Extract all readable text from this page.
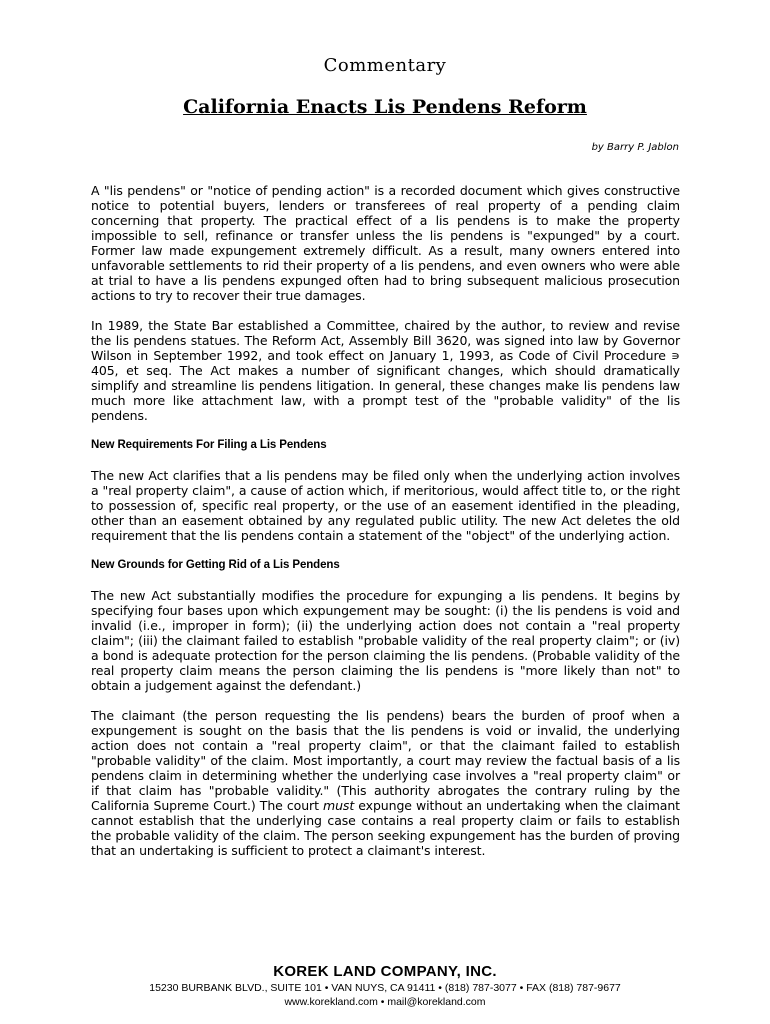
Commentary
California Enacts Lis Pendens Reform
by Barry P. Jablon

A "lis pendens" or "notice of pending action" is a recorded document which gives constructive notice to potential buyers, lenders or transferees of real property of a pending claim concerning that property. The practical effect of a lis pendens is to make the property impossible to sell, refinance or transfer unless the lis pendens is "expunged" by a court. Former law made expungement extremely difficult. As a result, many owners entered into unfavorable settlements to rid their property of a lis pendens, and even owners who were able at trial to have a lis pendens expunged often had to bring subsequent malicious prosecution actions to try to recover their true damages.

In 1989, the State Bar established a Committee, chaired by the author, to review and revise the lis pendens statues. The Reform Act, Assembly Bill 3620, was signed into law by Governor Wilson in September 1992, and took effect on January 1, 1993, as Code of Civil Procedure ∍ 405, et seq. The Act makes a number of significant changes, which should dramatically simplify and streamline lis pendens litigation. In general, these changes make lis pendens law much more like attachment law, with a prompt test of the "probable validity" of the lis pendens.

New Requirements For Filing a Lis Pendens

The new Act clarifies that a lis pendens may be filed only when the underlying action involves a "real property claim", a cause of action which, if meritorious, would affect title to, or the right to possession of, specific real property, or the use of an easement identified in the pleading, other than an easement obtained by any regulated public utility. The new Act deletes the old requirement that the lis pendens contain a statement of the "object" of the underlying action.

New Grounds for Getting Rid of a Lis Pendens

The new Act substantially modifies the procedure for expunging a lis pendens. It begins by specifying four bases upon which expungement may be sought: (i) the lis pendens is void and invalid (i.e., improper in form); (ii) the underlying action does not contain a "real property claim"; (iii) the claimant failed to establish "probable validity of the real property claim"; or (iv) a bond is adequate protection for the person claiming the lis pendens. (Probable validity of the real property claim means the person claiming the lis pendens is "more likely than not" to obtain a judgement against the defendant.)

The claimant (the person requesting the lis pendens) bears the burden of proof when a expungement is sought on the basis that the lis pendens is void or invalid, the underlying action does not contain a "real property claim", or that the claimant failed to establish "probable validity" of the claim. Most importantly, a court may review the factual basis of a lis pendens claim in determining whether the underlying case involves a "real property claim" or if that claim has "probable validity." (This authority abrogates the contrary ruling by the California Supreme Court.) The court must expunge without an undertaking when the claimant cannot establish that the underlying case contains a real property claim or fails to establish the probable validity of the claim. The person seeking expungement has the burden of proving that an undertaking is sufficient to protect a claimant's interest.

KOREK LAND COMPANY, INC.
15230 BURBANK BLVD., SUITE 101 • VAN NUYS, CA 91411 • (818) 787-3077 • FAX (818) 787-9677
www.korekland.com • mail@korekland.com
